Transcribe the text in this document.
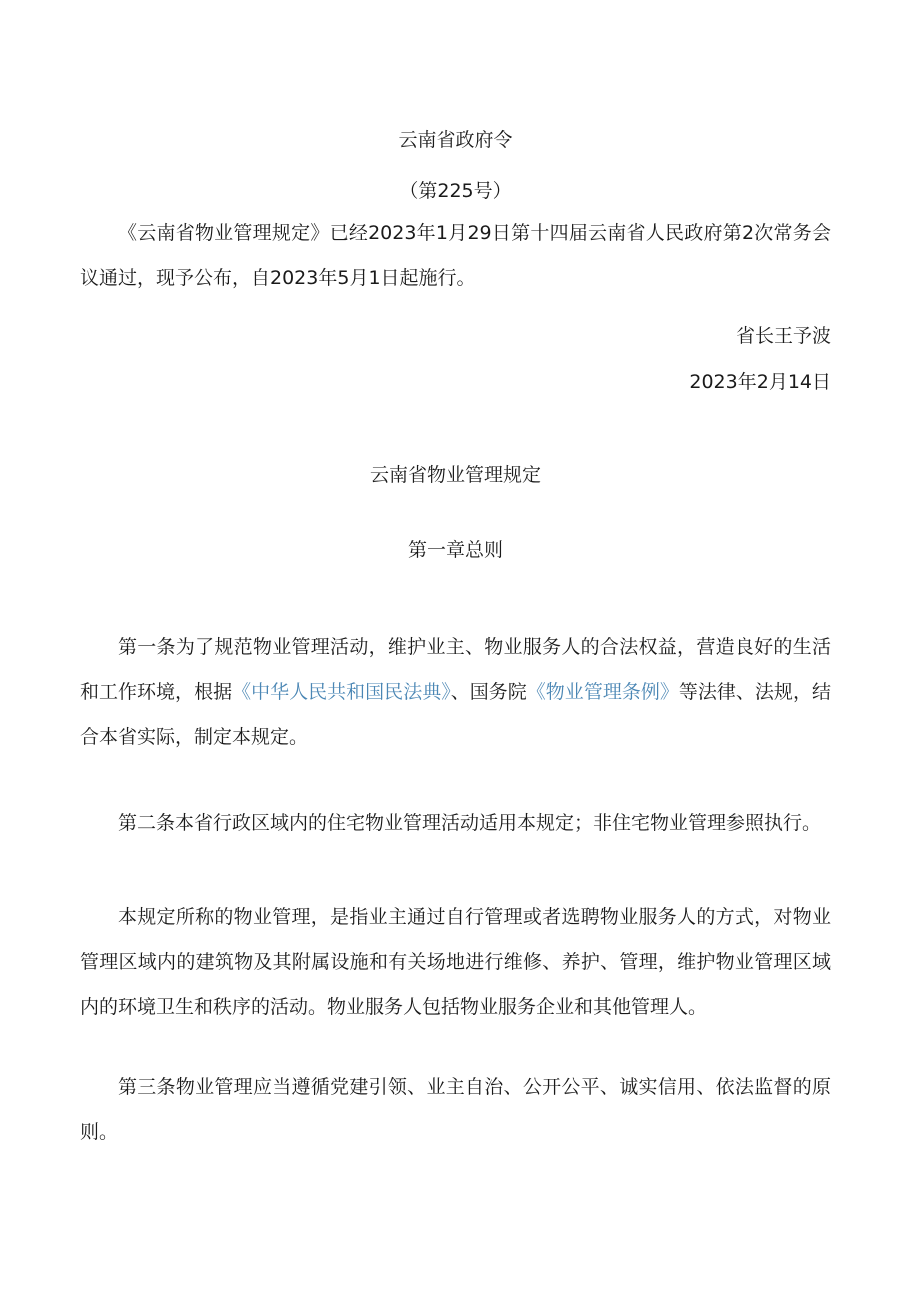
云南省政府令
（第225号）
《云南省物业管理规定》已经2023年1月29日第十四届云南省人民政府第2次常务会议通过，现予公布，自2023年5月1日起施行。
省长王予波
2023年2月14日
云南省物业管理规定
第一章总则
第一条为了规范物业管理活动，维护业主、物业服务人的合法权益，营造良好的生活和工作环境，根据《中华人民共和国民法典》、国务院《物业管理条例》等法律、法规，结合本省实际，制定本规定。
第二条本省行政区域内的住宅物业管理活动适用本规定；非住宅物业管理参照执行。
本规定所称的物业管理，是指业主通过自行管理或者选聘物业服务人的方式，对物业管理区域内的建筑物及其附属设施和有关场地进行维修、养护、管理，维护物业管理区域内的环境卫生和秩序的活动。物业服务人包括物业服务企业和其他管理人。
第三条物业管理应当遵循党建引领、业主自治、公开公平、诚实信用、依法监督的原则。
